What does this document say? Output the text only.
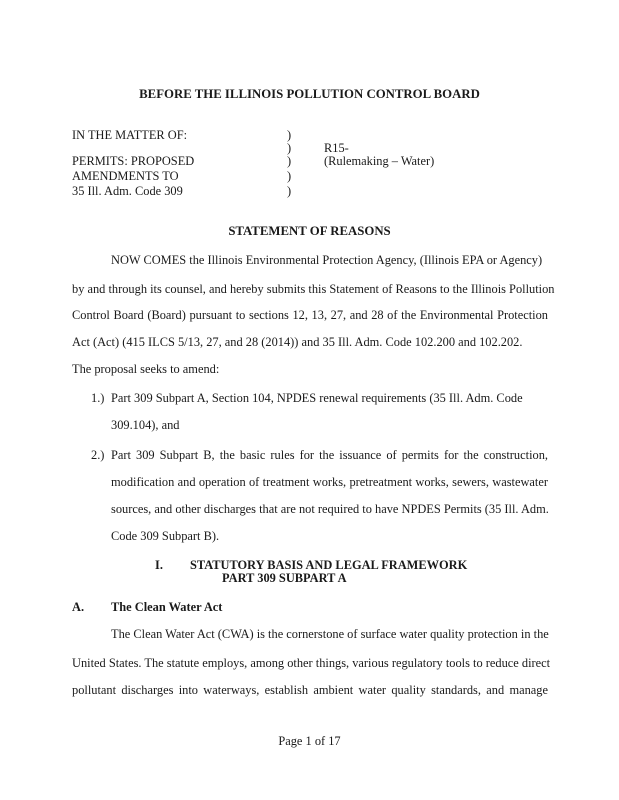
BEFORE THE ILLINOIS POLLUTION CONTROL BOARD
IN THE MATTER OF:
PERMITS: PROPOSED
AMENDMENTS TO
35 Ill. Adm. Code 309
)
)
)
)
)
R15-
(Rulemaking – Water)
STATEMENT OF REASONS
NOW COMES the Illinois Environmental Protection Agency, (Illinois EPA or Agency)
by and through its counsel, and hereby submits this Statement of Reasons to the Illinois Pollution
Control Board (Board) pursuant to sections 12, 13, 27, and 28 of the Environmental Protection
Act (Act) (415 ILCS 5/13, 27, and 28 (2014)) and 35 Ill. Adm. Code 102.200 and 102.202.
The proposal seeks to amend:
1.) Part 309 Subpart A, Section 104, NPDES renewal requirements (35 Ill. Adm. Code
309.104), and
2.) Part 309 Subpart B, the basic rules for the issuance of permits for the construction,
modification and operation of treatment works, pretreatment works, sewers, wastewater
sources, and other discharges that are not required to have NPDES Permits (35 Ill. Adm.
Code 309 Subpart B).
I. STATUTORY BASIS AND LEGAL FRAMEWORK
PART 309 SUBPART A
A. The Clean Water Act
The Clean Water Act (CWA) is the cornerstone of surface water quality protection in the
United States. The statute employs, among other things, various regulatory tools to reduce direct
pollutant discharges into waterways, establish ambient water quality standards, and manage
Page 1 of 17
